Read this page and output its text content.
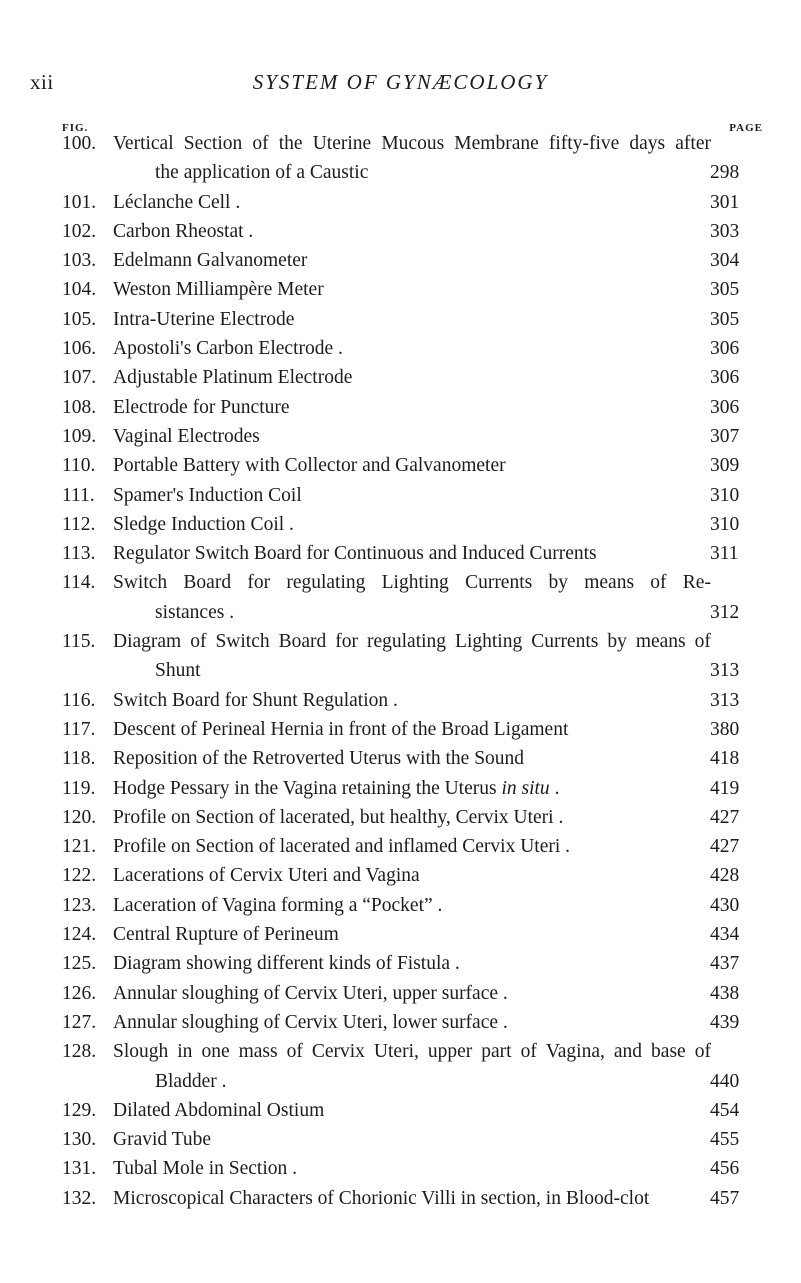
xii	SYSTEM OF GYNÆCOLOGY
FIG.	PAGE
100. Vertical Section of the Uterine Mucous Membrane fifty-five days after
the application of a Caustic	298
101. Léclanche Cell .	301
102. Carbon Rheostat .	303
103. Edelmann Galvanometer	304
104. Weston Milliampère Meter	305
105. Intra-Uterine Electrode	305
106. Apostoli's Carbon Electrode .	306
107. Adjustable Platinum Electrode	306
108. Electrode for Puncture	306
109. Vaginal Electrodes	307
110. Portable Battery with Collector and Galvanometer	309
111. Spamer's Induction Coil	310
112. Sledge Induction Coil .	310
113. Regulator Switch Board for Continuous and Induced Currents	311
114. Switch Board for regulating Lighting Currents by means of Re-
sistances .	312
115. Diagram of Switch Board for regulating Lighting Currents by means of
Shunt	313
116. Switch Board for Shunt Regulation .	313
117. Descent of Perineal Hernia in front of the Broad Ligament	380
118. Reposition of the Retroverted Uterus with the Sound	418
119. Hodge Pessary in the Vagina retaining the Uterus in situ .	419
120. Profile on Section of lacerated, but healthy, Cervix Uteri .	427
121. Profile on Section of lacerated and inflamed Cervix Uteri .	427
122. Lacerations of Cervix Uteri and Vagina	428
123. Laceration of Vagina forming a “Pocket” .	430
124. Central Rupture of Perineum	434
125. Diagram showing different kinds of Fistula .	437
126. Annular sloughing of Cervix Uteri, upper surface .	438
127. Annular sloughing of Cervix Uteri, lower surface .	439
128. Slough in one mass of Cervix Uteri, upper part of Vagina, and base of
Bladder .	440
129. Dilated Abdominal Ostium	454
130. Gravid Tube	455
131. Tubal Mole in Section .	456
132. Microscopical Characters of Chorionic Villi in section, in Blood-clot	457
